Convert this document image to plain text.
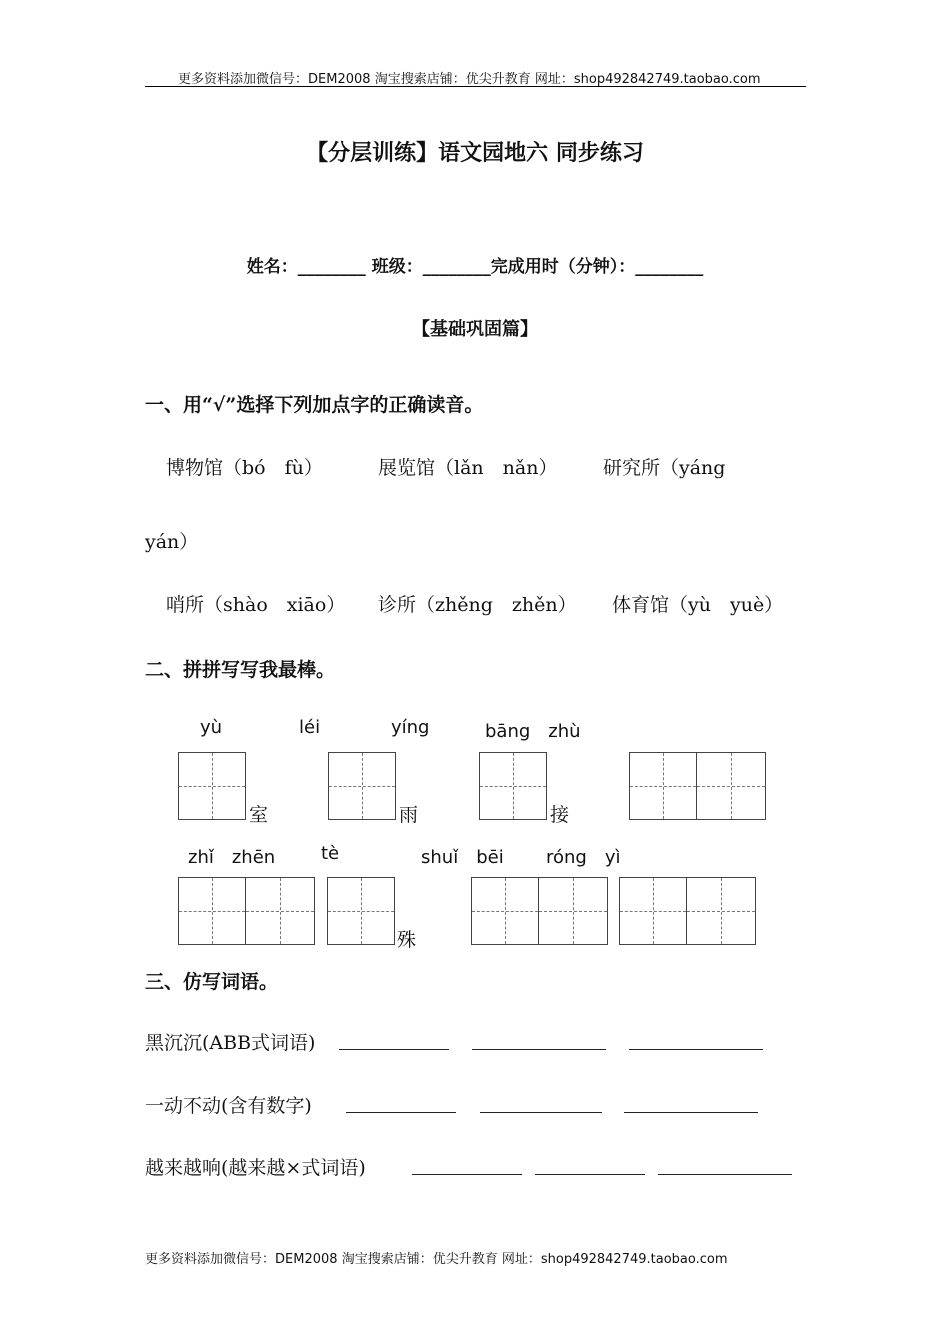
更多资料添加微信号：DEM2008 淘宝搜索店铺：优尖升教育 网址：shop492842749.taobao.com
【分层训练】语文园地六 同步练习
姓名：________ 班级：________完成用时（分钟）：________
【基础巩固篇】
一、用“√”选择下列加点字的正确读音。
博物馆（bó　fù）	展览馆（lǎn　nǎn） 研究所（yáng
yán）
哨所（shào　xiāo） 诊所（zhěng　zhěn） 体育馆（yù　yuè）
二、拼拼写写我最棒。
yù	léi	yíng	bāng　zhù
室	雨	接
zhǐ　zhēn	tè	shuǐ　bēi róng　yì
殊
三、仿写词语。
黑沉沉(ABB式词语)
一动不动(含有数字)
越来越响(越来越×式词语)
更多资料添加微信号：DEM2008 淘宝搜索店铺：优尖升教育 网址：shop492842749.taobao.com
